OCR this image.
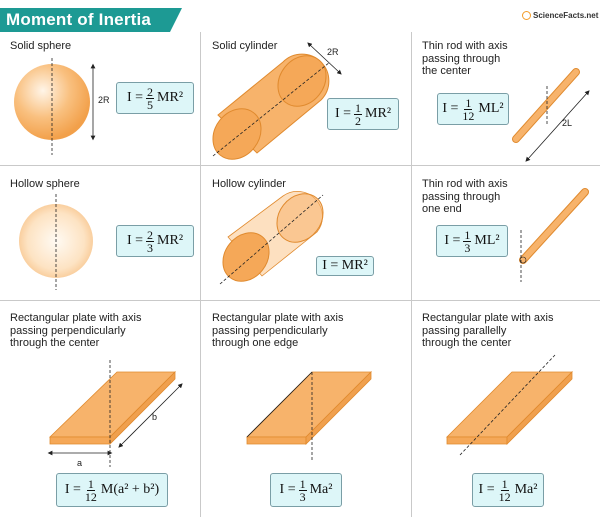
Moment of Inertia	ScienceFacts.net
2R
2R
2L
a
b
Solid sphere	Solid cylinder	Thin rod with axis
passing through
the center
Hollow sphere	Hollow cylinder	Thin rod with axis
passing through
one end
Rectangular plate with axis
passing perpendicularly
through the center
Rectangular plate with axis
passing perpendicularly
through one edge
Rectangular plate with axis
passing parallelly
through the center
$I = \frac{2}{5} MR^2$
$I = \frac{1}{2} MR^2$	$I = \frac{1}{12} ML^2$
$I = \frac{2}{3} MR^2$
I =
MR²
$I = \frac{1}{3} ML^2$
$I = \frac{1}{12} M(a^2 + b^2)$	$I = \frac{1}{3} Ma^2$	$I = \frac{1}{12} Ma^2$
